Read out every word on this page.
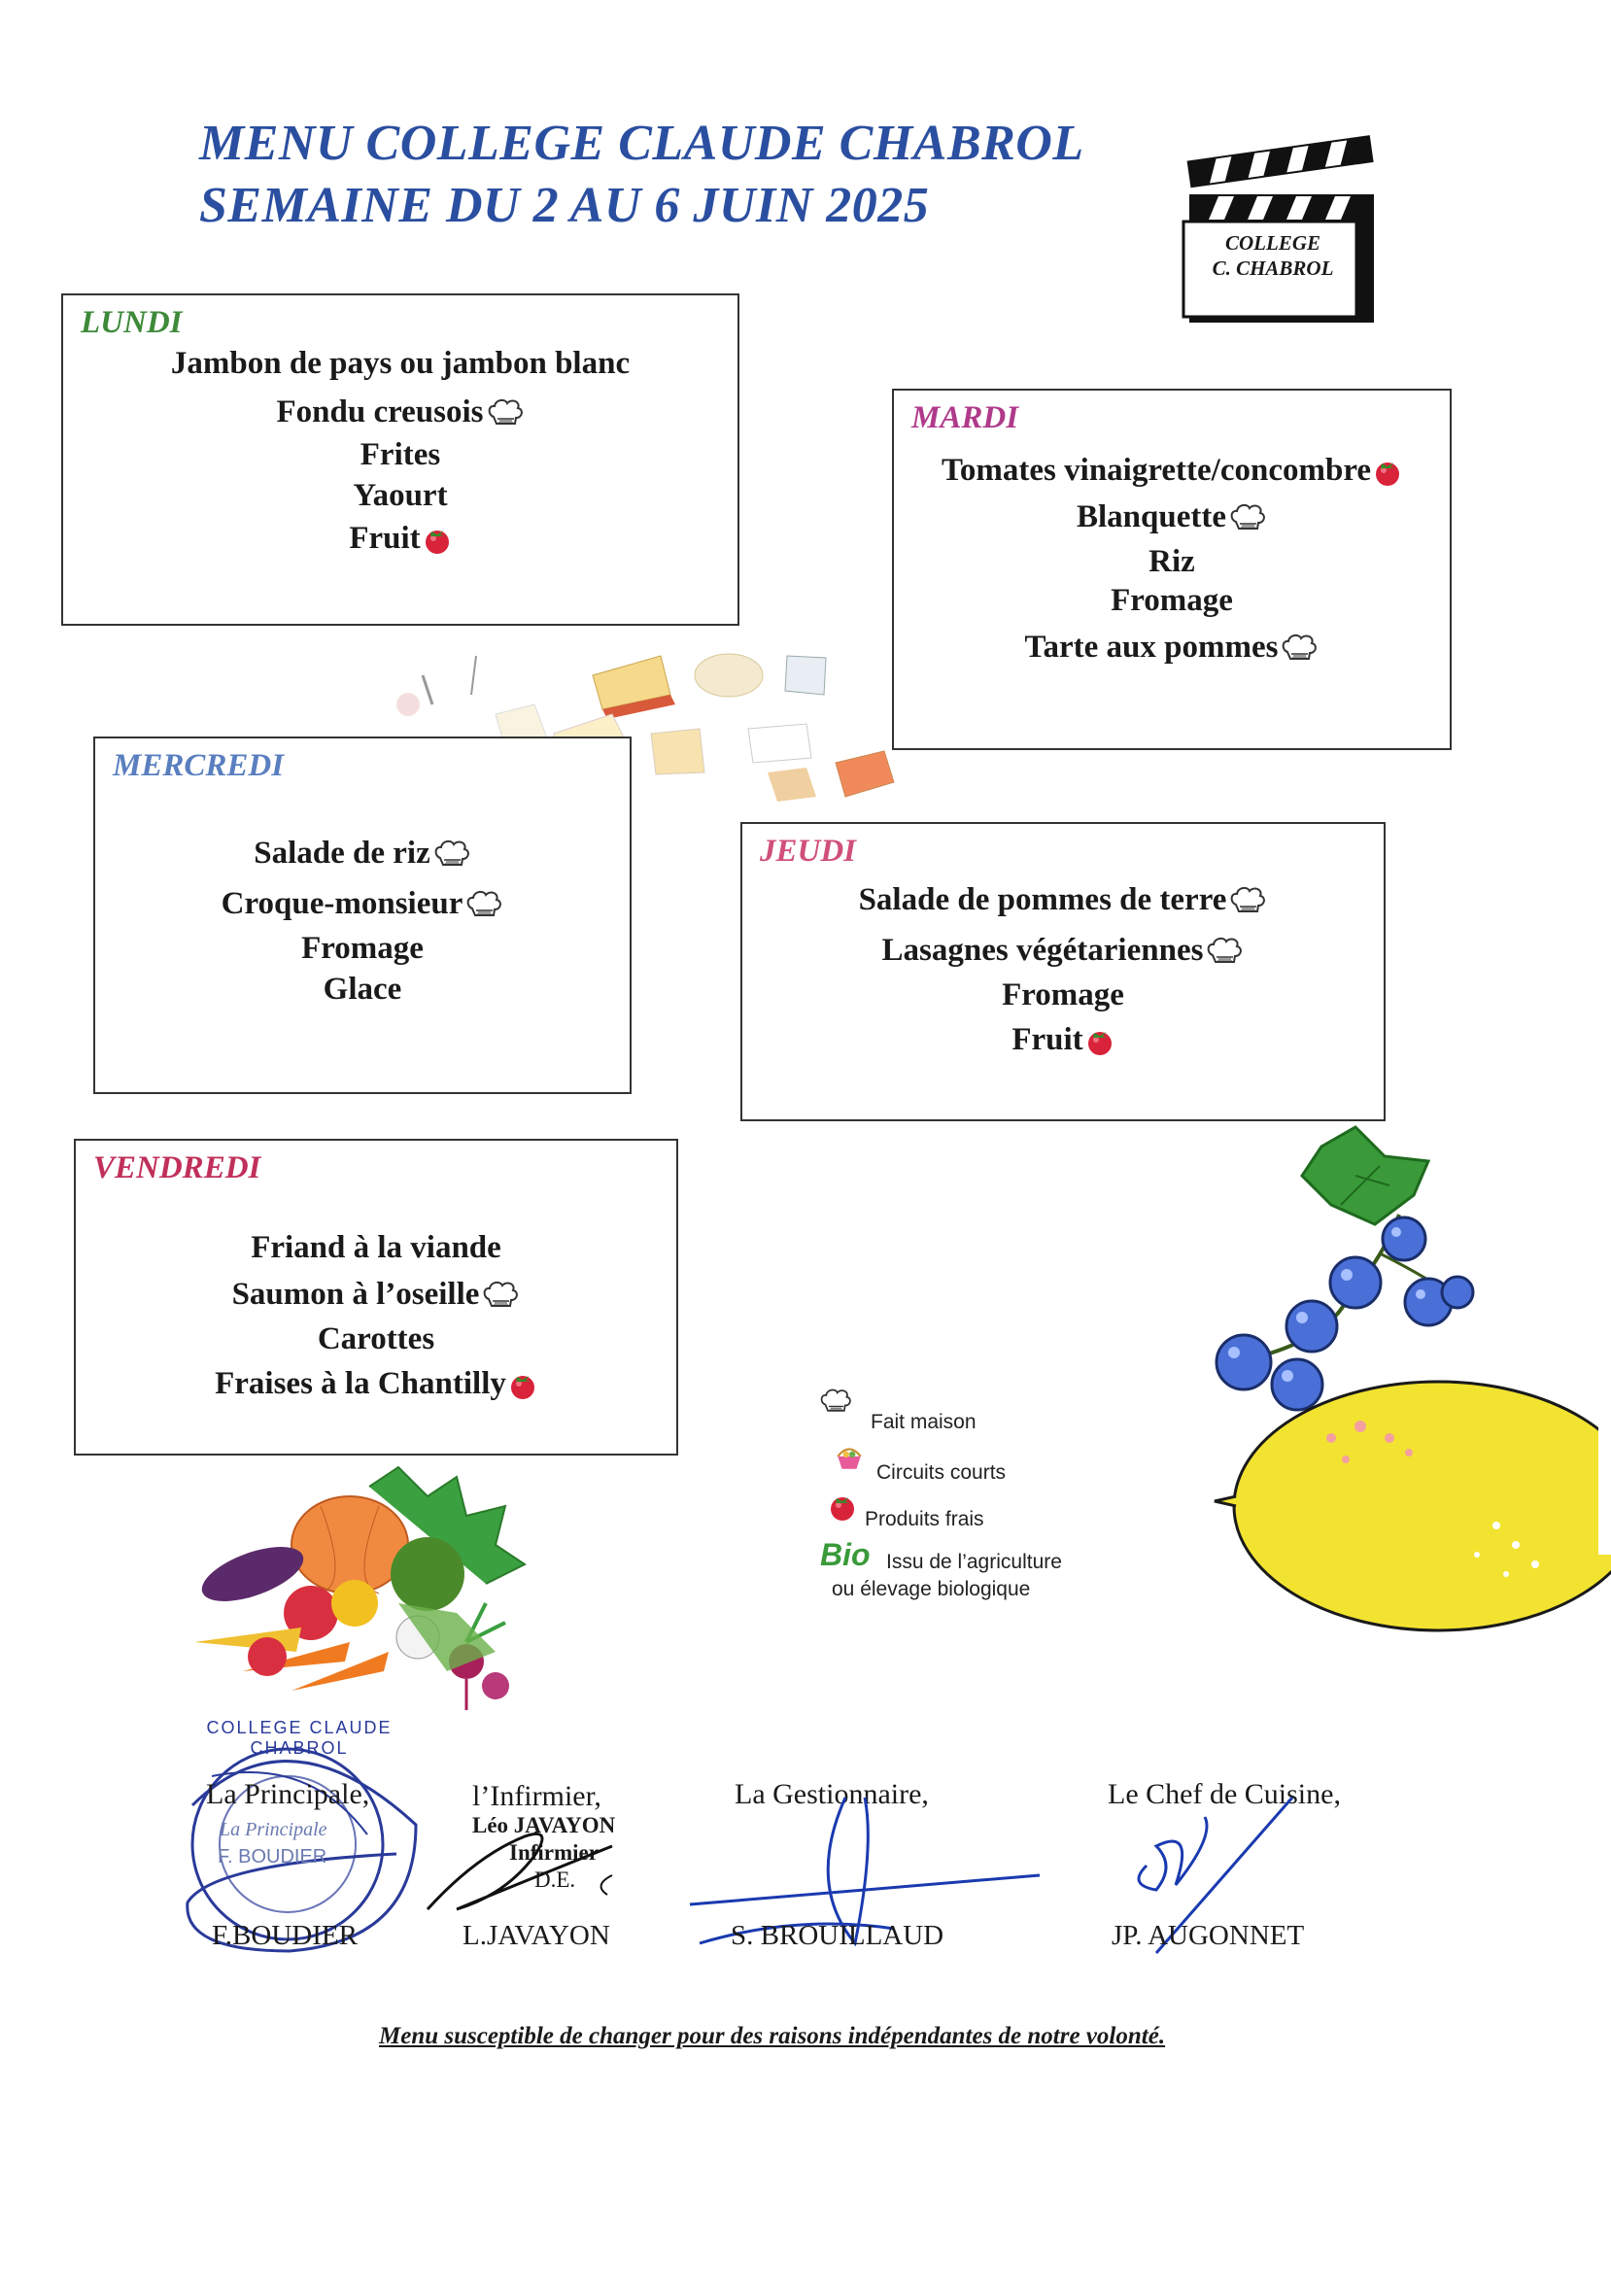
MENU COLLEGE CLAUDE CHABROL
SEMAINE DU 2 AU 6 JUIN 2025
COLLEGE
C. CHABROL
LUNDI
Jambon de pays ou jambon blanc
Fondu creusois
Frites
Yaourt
Fruit
MARDI
Tomates vinaigrette/concombre
Blanquette
Riz
Fromage
Tarte aux pommes
MERCREDI
Salade de riz
Croque-monsieur
Fromage
Glace
JEUDI
Salade de pommes de terre
Lasagnes végétariennes
Fromage
Fruit
VENDREDI
Friand à la viande
Saumon à l’oseille
Carottes
Fraises à la Chantilly
Fait maison
Circuits courts
Produits frais
Bio Issu de l’agriculture
ou élevage biologique
COLLEGE CLAUDE CHABROL
La Principale
F. BOUDIER
La Principale,
F.BOUDIER
l’Infirmier,
Léo JAVAYON
Infirmier
D.E.
L.JAVAYON
La Gestionnaire,
S. BROUILLAUD
Le Chef de Cuisine,
JP. AUGONNET
Menu susceptible de changer pour des raisons indépendantes de notre volonté.
